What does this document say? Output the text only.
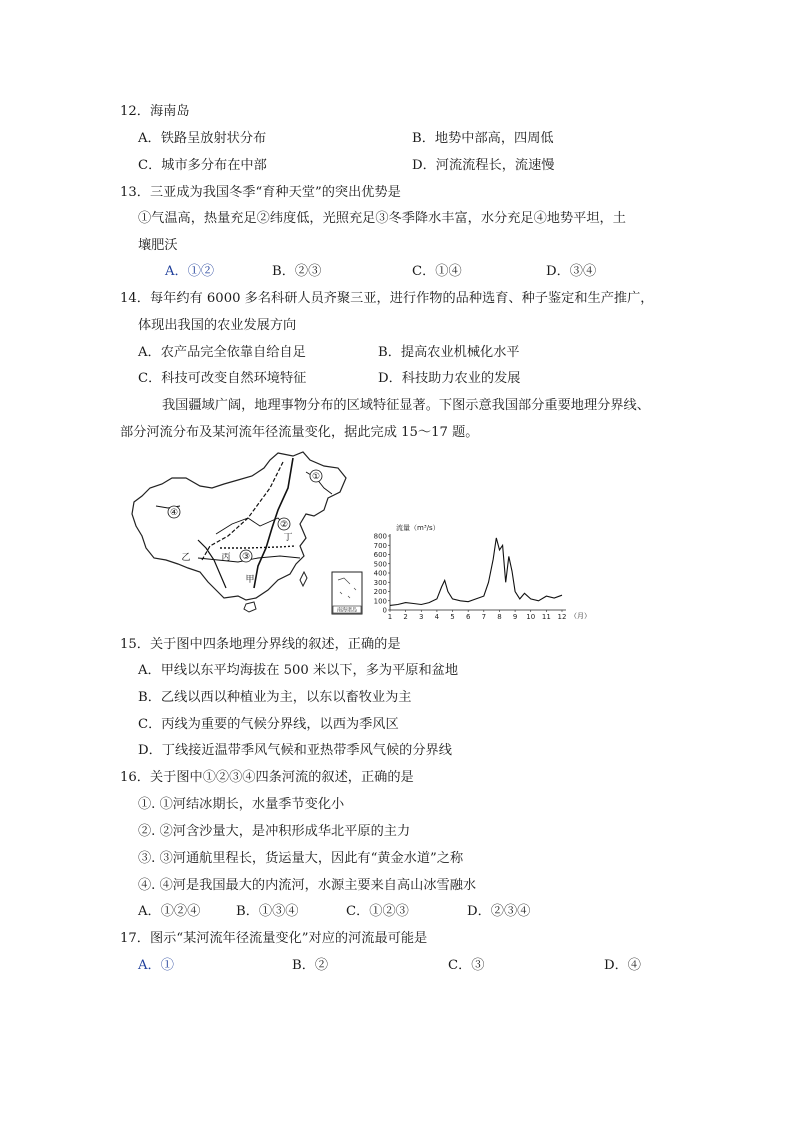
12．海南岛
A．铁路呈放射状分布	B．地势中部高，四周低
C．城市多分布在中部	D．河流流程长，流速慢
13．三亚成为我国冬季“育种天堂”的突出优势是
①气温高，热量充足②纬度低，光照充足③冬季降水丰富，水分充足④地势平坦，土
壤肥沃
A．①②	B．②③	C．①④	D．③④
14．每年约有 6000 多名科研人员齐聚三亚，进行作物的品种选育、种子鉴定和生产推广，
体现出我国的农业发展方向
A．农产品完全依靠自给自足	B．提高农业机械化水平
C．科技可改变自然环境特征	D．科技助力农业的发展
我国疆域广阔，地理事物分布的区域特征显著。下图示意我国部分重要地理分界线、
部分河流分布及某河流年径流量变化，据此完成 15～17 题。
①
②
③
④
甲
乙	丙
丁
南海诸岛
流量（m³/s）
0
100
200
300
400
500
600
700
800
1 2 3 4 5 6 7 8 9 10 11 12 （月）
15．关于图中四条地理分界线的叙述，正确的是
A．甲线以东平均海拔在 500 米以下，多为平原和盆地
B．乙线以西以种植业为主，以东以畜牧业为主
C．丙线为重要的气候分界线，以西为季风区
D．丁线接近温带季风气候和亚热带季风气候的分界线
16．关于图中①②③④四条河流的叙述，正确的是
①. ①河结冰期长，水量季节变化小
②. ②河含沙量大，是冲积形成华北平原的主力
③. ③河通航里程长，货运量大，因此有“黄金水道”之称
④. ④河是我国最大的内流河，水源主要来自高山冰雪融水
A．①②④	B．①③④	C．①②③	D．②③④
17．图示“某河流年径流量变化”对应的河流最可能是
A．①	B．②	C．③	D．④
